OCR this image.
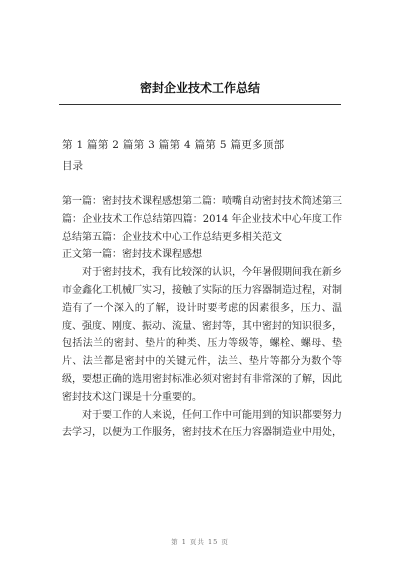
密封企业技术工作总结
第 1 篇第 2 篇第 3 篇第 4 篇第 5 篇更多顶部
目录

第一篇：密封技术课程感想第二篇：喷嘴自动密封技术简述第三篇：企业技术工作总结第四篇：2014 年企业技术中心年度工作总结第五篇：企业技术中心工作总结更多相关范文

正文第一篇：密封技术课程感想

对于密封技术，我有比较深的认识，今年暑假期间我在新乡市金鑫化工机械厂实习，接触了实际的压力容器制造过程，对制造有了一个深入的了解，设计时要考虑的因素很多，压力、温度、强度、刚度、振动、流量、密封等，其中密封的知识很多，包括法兰的密封、垫片的种类、压力等级等，螺栓、螺母、垫片、法兰都是密封中的关键元件，法兰、垫片等都分为数个等级，要想正确的选用密封标准必须对密封有非常深的了解，因此密封技术这门课是十分重要的。

对于要工作的人来说，任何工作中可能用到的知识都要努力去学习，以便为工作服务，密封技术在压力容器制造业中用处，

第 1 页共 15 页
